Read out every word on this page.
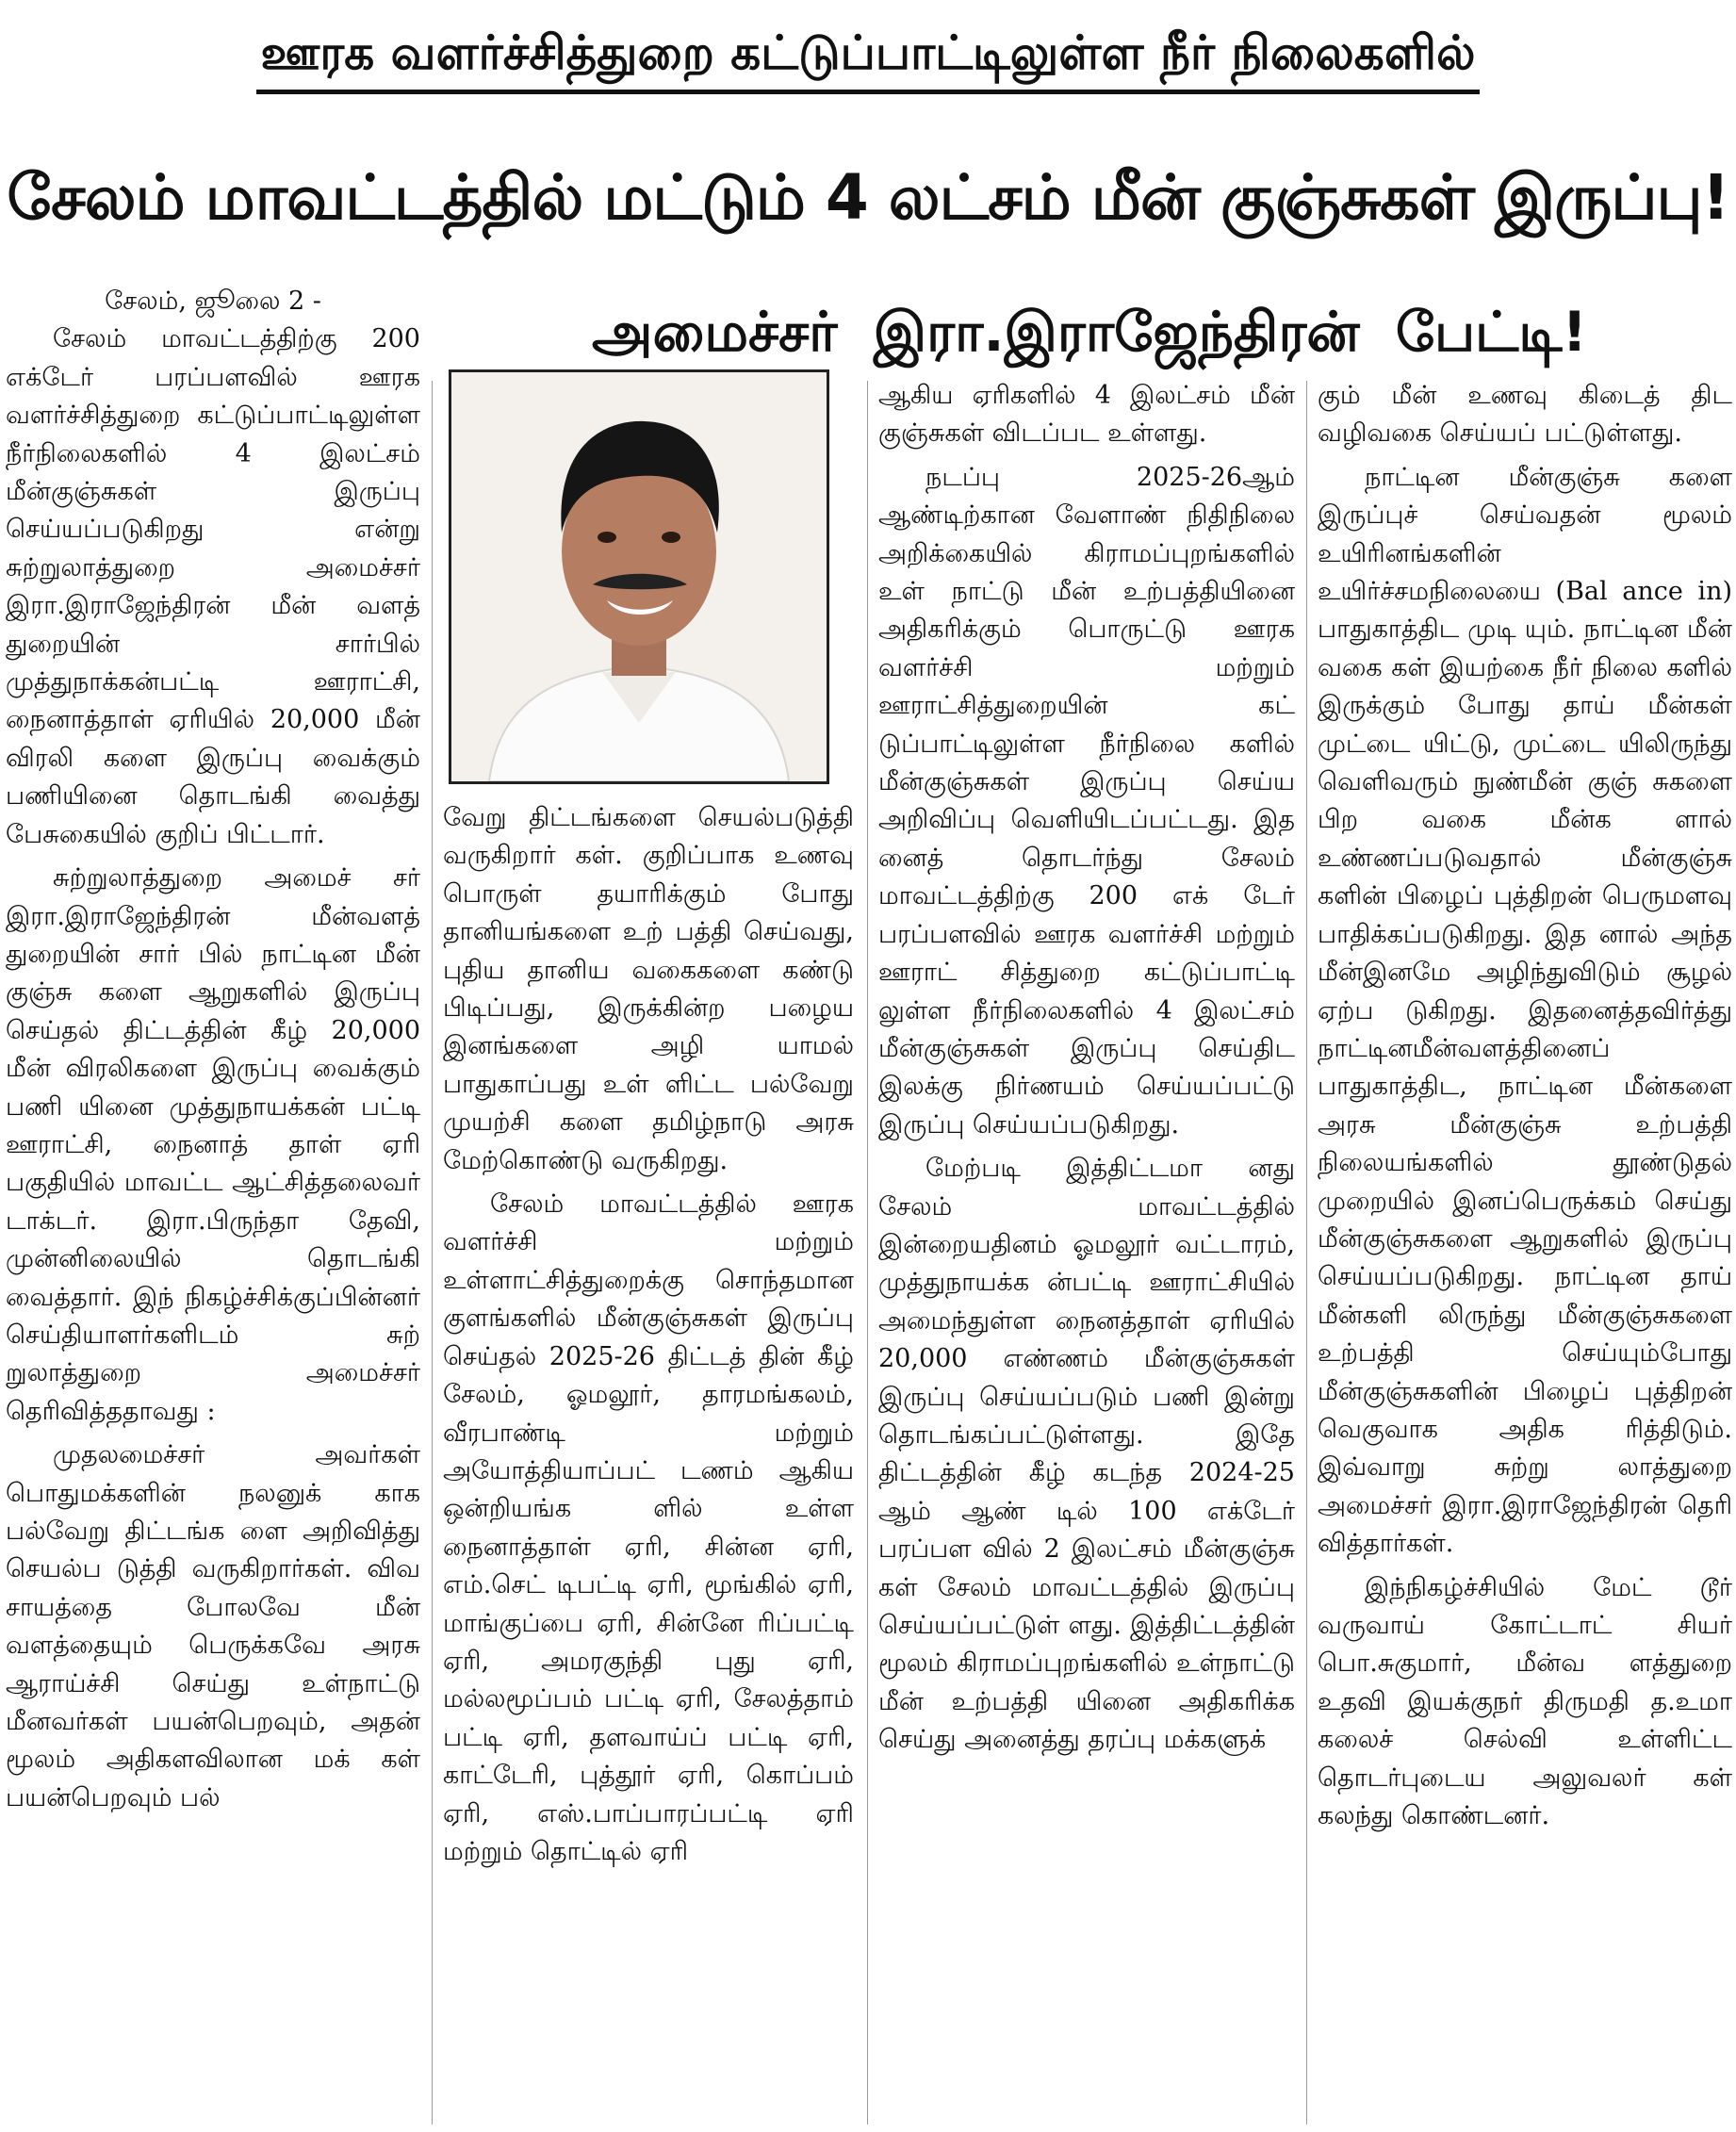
ஊரக வளர்ச்சித்துறை கட்டுப்பாட்டிலுள்ள நீர் நிலைகளில்
சேலம் மாவட்டத்தில் மட்டும் 4 லட்சம் மீன் குஞ்சுகள் இருப்பு!
அமைச்சர் இரா.இராஜேந்திரன் பேட்டி!

சேலம், ஜூலை 2 -

சேலம் மாவட்டத்திற்கு 200 எக்டேர் பரப்பளவில் ஊரக வளர்ச்சித்துறை கட்டுப்பாட்டிலுள்ள நீர்நிலைகளில் 4 இலட்சம் மீன்குஞ்சுகள் இருப்பு செய்யப்படுகிறது என்று சுற்றுலாத்துறை அமைச்சர் இரா.இராஜேந்திரன் மீன் வளத் துறையின் சார்பில் முத்துநாக்கன்பட்டி ஊராட்சி, நைனாத்தாள் ஏரியில் 20,000 மீன் விரலி களை இருப்பு வைக்கும் பணியினை தொடங்கி வைத்து பேசுகையில் குறிப் பிட்டார்.

சுற்றுலாத்துறை அமைச் சர் இரா.இராஜேந்திரன் மீன்வளத் துறையின் சார் பில் நாட்டின மீன் குஞ்சு களை ஆறுகளில் இருப்பு செய்தல் திட்டத்தின் கீழ் 20,000 மீன் விரலிகளை இருப்பு வைக்கும் பணி யினை முத்துநாயக்கன் பட்டி ஊராட்சி, நைனாத் தாள் ஏரி பகுதியில் மாவட்ட ஆட்சித்தலைவர் டாக்டர். இரா.பிருந்தா தேவி, முன்னிலையில் தொடங்கி வைத்தார். இந் நிகழ்ச்சிக்குப்பின்னர் செய்தியாளர்களிடம் சுற் றுலாத்துறை அமைச்சர் தெரிவித்ததாவது :

முதலமைச்சர் அவர்கள் பொதுமக்களின் நலனுக் காக பல்வேறு திட்டங்க ளை அறிவித்து செயல்ப டுத்தி வருகிறார்கள். விவ சாயத்தை போலவே மீன் வளத்தையும் பெருக்கவே அரசு ஆராய்ச்சி செய்து உள்நாட்டு மீனவர்கள் பயன்பெறவும், அதன் மூலம் அதிகளவிலான மக் கள் பயன்பெறவும் பல்

வேறு திட்டங்களை செயல்படுத்தி வருகிறார் கள். குறிப்பாக உணவு பொருள் தயாரிக்கும் போது தானியங்களை உற் பத்தி செய்வது, புதிய தானிய வகைகளை கண்டு பிடிப்பது, இருக்கின்ற பழைய இனங்களை அழி யாமல் பாதுகாப்பது உள் ளிட்ட பல்வேறு முயற்சி களை தமிழ்நாடு அரசு மேற்கொண்டு வருகிறது.

சேலம் மாவட்டத்தில் ஊரக வளர்ச்சி மற்றும் உள்ளாட்சித்துறைக்கு சொந்தமான குளங்களில் மீன்குஞ்சுகள் இருப்பு செய்தல் 2025-26 திட்டத் தின் கீழ் சேலம், ஓமலூர், தாரமங்கலம், வீரபாண்டி மற்றும் அயோத்தியாப்பட் டணம் ஆகிய ஒன்றியங்க ளில் உள்ள நைனாத்தாள் ஏரி, சின்ன ஏரி, எம்.செட் டிபட்டி ஏரி, மூங்கில் ஏரி, மாங்குப்பை ஏரி, சின்னே ரிப்பட்டி ஏரி, அமரகுந்தி புது ஏரி, மல்லமூப்பம் பட்டி ஏரி, சேலத்தாம் பட்டி ஏரி, தளவாய்ப் பட்டி ஏரி, காட்டேரி, புத்தூர் ஏரி, கொப்பம் ஏரி, எஸ்.பாப்பாரப்பட்டி ஏரி மற்றும் தொட்டில் ஏரி

ஆகிய ஏரிகளில் 4 இலட்சம் மீன் குஞ்சுகள் விடப்பட உள்ளது.

நடப்பு 2025-26ஆம் ஆண்டிற்கான வேளாண் நிதிநிலை அறிக்கையில் கிராமப்புறங்களில் உள் நாட்டு மீன் உற்பத்தியினை அதிகரிக்கும் பொருட்டு ஊரக வளர்ச்சி மற்றும் ஊராட்சித்துறையின் கட் டுப்பாட்டிலுள்ள நீர்நிலை களில் மீன்குஞ்சுகள் இருப்பு செய்ய அறிவிப்பு வெளியிடப்பட்டது. இத னைத் தொடர்ந்து சேலம் மாவட்டத்திற்கு 200 எக் டேர் பரப்பளவில் ஊரக வளர்ச்சி மற்றும் ஊராட் சித்துறை கட்டுப்பாட்டி லுள்ள நீர்நிலைகளில் 4 இலட்சம் மீன்குஞ்சுகள் இருப்பு செய்திட இலக்கு நிர்ணயம் செய்யப்பட்டு இருப்பு செய்யப்படுகிறது.

மேற்படி இத்திட்டமா னது சேலம் மாவட்டத்தில் இன்றையதினம் ஓமலூர் வட்டாரம், முத்துநாயக்க ன்பட்டி ஊராட்சியில் அமைந்துள்ள நைனத்தாள் ஏரியில் 20,000 எண்ணம் மீன்குஞ்சுகள் இருப்பு செய்யப்படும் பணி இன்று தொடங்கப்பட்டுள்ளது. இதே திட்டத்தின் கீழ் கடந்த 2024-25 ஆம் ஆண் டில் 100 எக்டேர் பரப்பள வில் 2 இலட்சம் மீன்குஞ்சு கள் சேலம் மாவட்டத்தில் இருப்பு செய்யப்பட்டுள் ளது. இத்திட்டத்தின் மூலம் கிராமப்புறங்களில் உள்நாட்டு மீன் உற்பத்தி யினை அதிகரிக்க செய்து அனைத்து தரப்பு மக்களுக்

கும் மீன் உணவு கிடைத் திட வழிவகை செய்யப் பட்டுள்ளது.

நாட்டின மீன்குஞ்சு களை இருப்புச் செய்வதன் மூலம் உயிரினங்களின் உயிர்ச்சமநிலையை (Bal ance in) பாதுகாத்திட முடி யும். நாட்டின மீன் வகை கள் இயற்கை நீர் நிலை களில் இருக்கும் போது தாய் மீன்கள் முட்டை யிட்டு, முட்டை யிலிருந்து வெளிவரும் நுண்மீன் குஞ் சுகளை பிற வகை மீன்க ளால் உண்ணப்படுவதால் மீன்குஞ்சு களின் பிழைப் புத்திறன் பெருமளவு பாதிக்கப்படுகிறது. இத னால் அந்த மீன்இனமே அழிந்துவிடும் சூழல் ஏற்ப டுகிறது. இதனைத்தவிர்த்து நாட்டினமீன்வளத்தினைப் பாதுகாத்திட, நாட்டின மீன்களை அரசு மீன்குஞ்சு உற்பத்தி நிலையங்களில் தூண்டுதல் முறையில் இனப்பெருக்கம் செய்து மீன்குஞ்சுகளை ஆறுகளில் இருப்பு செய்யப்படுகிறது. நாட்டின தாய் மீன்களி லிருந்து மீன்குஞ்சுகளை உற்பத்தி செய்யும்போது மீன்குஞ்சுகளின் பிழைப் புத்திறன் வெகுவாக அதிக ரித்திடும். இவ்வாறு சுற்று லாத்துறை அமைச்சர் இரா.இராஜேந்திரன் தெரி வித்தார்கள்.

இந்நிகழ்ச்சியில் மேட் டூர் வருவாய் கோட்டாட் சியர் பொ.சுகுமார், மீன்வ ளத்துறை உதவி இயக்குநர் திருமதி த.உமா கலைச் செல்வி உள்ளிட்ட தொடர்புடைய அலுவலர் கள் கலந்து கொண்டனர்.
